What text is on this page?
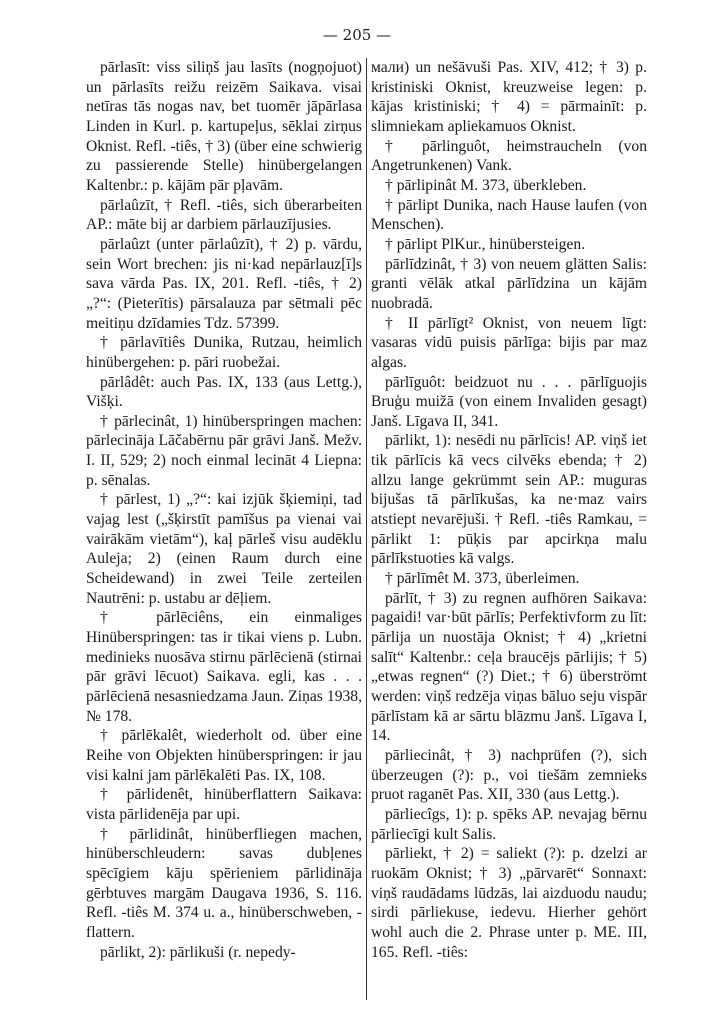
— 205 —

pārlasīt: viss siliņš jau lasīts (nogņojuot) un pārlasīts reižu reizēm Saikava. visai netīras tās nogas nav, bet tuomēr jāpārlasa Linden in Kurl. p. kartupeļus, sēklai zirņus Oknist. Refl. -tiês, † 3) (über eine schwierig zu passierende Stelle) hinübergelangen Kaltenbr.: p. kājām pār pļavām.

pārlaûzīt, † Refl. -tiês, sich überarbeiten AP.: māte bij ar darbiem pārlauzījusies.

pārlaûzt (unter pārlaûzīt), † 2) p. vārdu, sein Wort brechen: jis ni·kad nepārlauz[ī]s sava vārda Pas. IX, 201. Refl. -tiês, † 2) „?“: (Pieterītis) pārsalauza par sētmali pēc meitiņu dzīdamies Tdz. 57399.

† pārlavītiês Dunika, Rutzau, heimlich hinübergehen: p. pāri ruobežai.

pārlâdêt: auch Pas. IX, 133 (aus Lettg.), Višķi.

† pārlecinât, 1) hinüberspringen machen: pārlecināja Lāčabērnu pār grāvi Janš. Mežv. I. II, 529; 2) noch einmal lecināt 4 Liepna: p. sēnalas.

† pārlest, 1) „?“: kai izjūk šķiemiņi, tad vajag lest („šķirstīt pamīšus pa vienai vai vairākām vietām“), kaļ pārleš visu audēklu Auleja; 2) (einen Raum durch eine Scheidewand) in zwei Teile zerteilen Nautrēni: p. ustabu ar dēļiem.

† pārlēciêns, ein einmaliges Hinüberspringen: tas ir tikai viens p. Lubn. medinieks nuosāva stirnu pārlēcienā (stirnai pār grāvi lēcuot) Saikava. egli, kas . . . pārlēcienā nesasniedzama Jaun. Ziņas 1938, № 178.

† pārlēkalêt, wiederholt od. über eine Reihe von Objekten hinüberspringen: ir jau visi kalni jam pārlēkalēti Pas. IX, 108.

† pārlidenêt, hinüberflattern Saikava: vista pārlidenēja par upi.

† pārlidinât, hinüberfliegen machen, hinüberschleudern: savas dubļenes spēcīgiem kāju spērieniem pārlidināja gērbtuves margām Daugava 1936, S. 116. Refl. -tiês M. 374 u. a., hinüberschweben, -flattern.

pārlikt, 2): pārlikuši (r. nepedy-

мали) un nešāvuši Pas. XIV, 412; † 3) p. kristiniski Oknist, kreuzweise legen: p. kājas kristiniski; † 4) = pārmainīt: p. slimniekam apliekamuos Oknist.

† pārlinguôt, heimstraucheln (von Angetrunkenen) Vank.

† pārlipinât M. 373, überkleben.

† pārlipt Dunika, nach Hause laufen (von Menschen).

† pārlipt PlKur., hinübersteigen.

pārlīdzinât, † 3) von neuem glätten Salis: granti vēlāk atkal pārlīdzina un kājām nuobradā.

† II pārlīgt² Oknist, von neuem līgt: vasaras vidū puisis pārlīga: bijis par maz algas.

pārlīguôt: beidzuot nu . . . pārlīguojis Bruģu muižā (von einem Invaliden gesagt) Janš. Līgava II, 341.

pārlikt, 1): nesēdi nu pārlīcis! AP. viņš iet tik pārlīcis kā vecs cilvēks ebenda; † 2) allzu lange gekrümmt sein AP.: muguras bijušas tā pārlīkušas, ka ne·maz vairs atstiept nevarējuši. † Refl. -tiês Ramkau, = pārlikt 1: pūķis par apcirkņa malu pārlīkstuoties kā valgs.

† pārlīmêt M. 373, überleimen.

pārlīt, † 3) zu regnen aufhören Saikava: pagaidi! var·būt pārlīs; Perfektivform zu līt: pārlija un nuostāja Oknist; † 4) „krietni salīt“ Kaltenbr.: ceļa braucējs pārlijis; † 5) „etwas regnen“ (?) Diet.; † 6) überströmt werden: viņš redzēja viņas bāluo seju vispār pārlīstam kā ar sārtu blāzmu Janš. Līgava I, 14.

pārliecinât, † 3) nachprüfen (?), sich überzeugen (?): p., voi tiešām zemnieks pruot raganēt Pas. XII, 330 (aus Lettg.).

pārliecîgs, 1): p. spēks AP. nevajag bērnu pārliecīgi kult Salis.

pārliekt, † 2) = saliekt (?): p. dzelzi ar ruokām Oknist; † 3) „pārvarēt“ Sonnaxt: viņš raudādams lūdzās, lai aizduodu naudu; sirdi pārliekuse, iedevu. Hierher gehört wohl auch die 2. Phrase unter p. ME. III, 165. Refl. -tiês:
